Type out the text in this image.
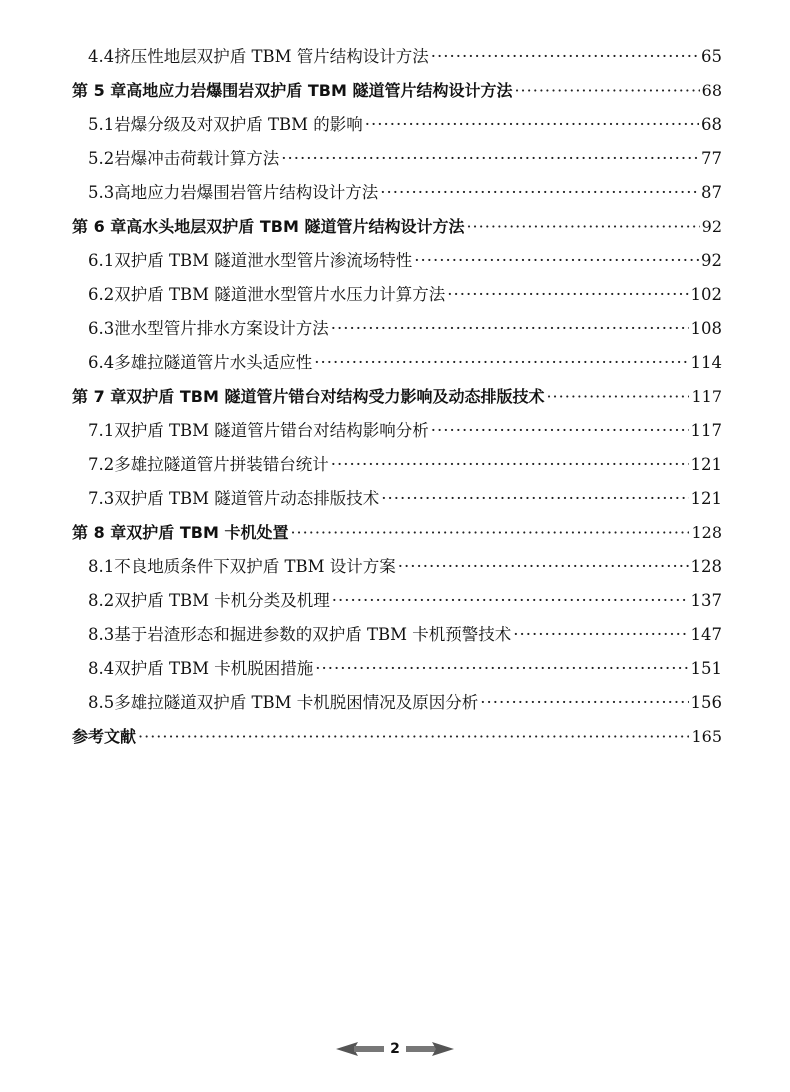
4.4 挤压性地层双护盾 TBM 管片结构设计方法 ·····	65
第 5 章 高地应力岩爆围岩双护盾 TBM 隧道管片结构设计方法 ·····	68
5.1 岩爆分级及对双护盾 TBM 的影响 ·····	68
5.2 岩爆冲击荷载计算方法 ·····	77
5.3 高地应力岩爆围岩管片结构设计方法 ·····	87
第 6 章 高水头地层双护盾 TBM 隧道管片结构设计方法 ·····	92
6.1 双护盾 TBM 隧道泄水型管片渗流场特性 ·····	92
6.2 双护盾 TBM 隧道泄水型管片水压力计算方法 ·····	102
6.3 泄水型管片排水方案设计方法 ·····	108
6.4 多雄拉隧道管片水头适应性 ·····	114
第 7 章 双护盾 TBM 隧道管片错台对结构受力影响及动态排版技术 ·····	117
7.1 双护盾 TBM 隧道管片错台对结构影响分析 ·····	117
7.2 多雄拉隧道管片拼装错台统计 ·····	121
7.3 双护盾 TBM 隧道管片动态排版技术 ·····	121
第 8 章 双护盾 TBM 卡机处置 ·····	128
8.1 不良地质条件下双护盾 TBM 设计方案 ·····	128
8.2 双护盾 TBM 卡机分类及机理 ·····	137
8.3 基于岩渣形态和掘进参数的双护盾 TBM 卡机预警技术 ·····	147
8.4 双护盾 TBM 卡机脱困措施 ·····	151
8.5 多雄拉隧道双护盾 TBM 卡机脱困情况及原因分析 ·····	156
参考文献 ·····	165
2
